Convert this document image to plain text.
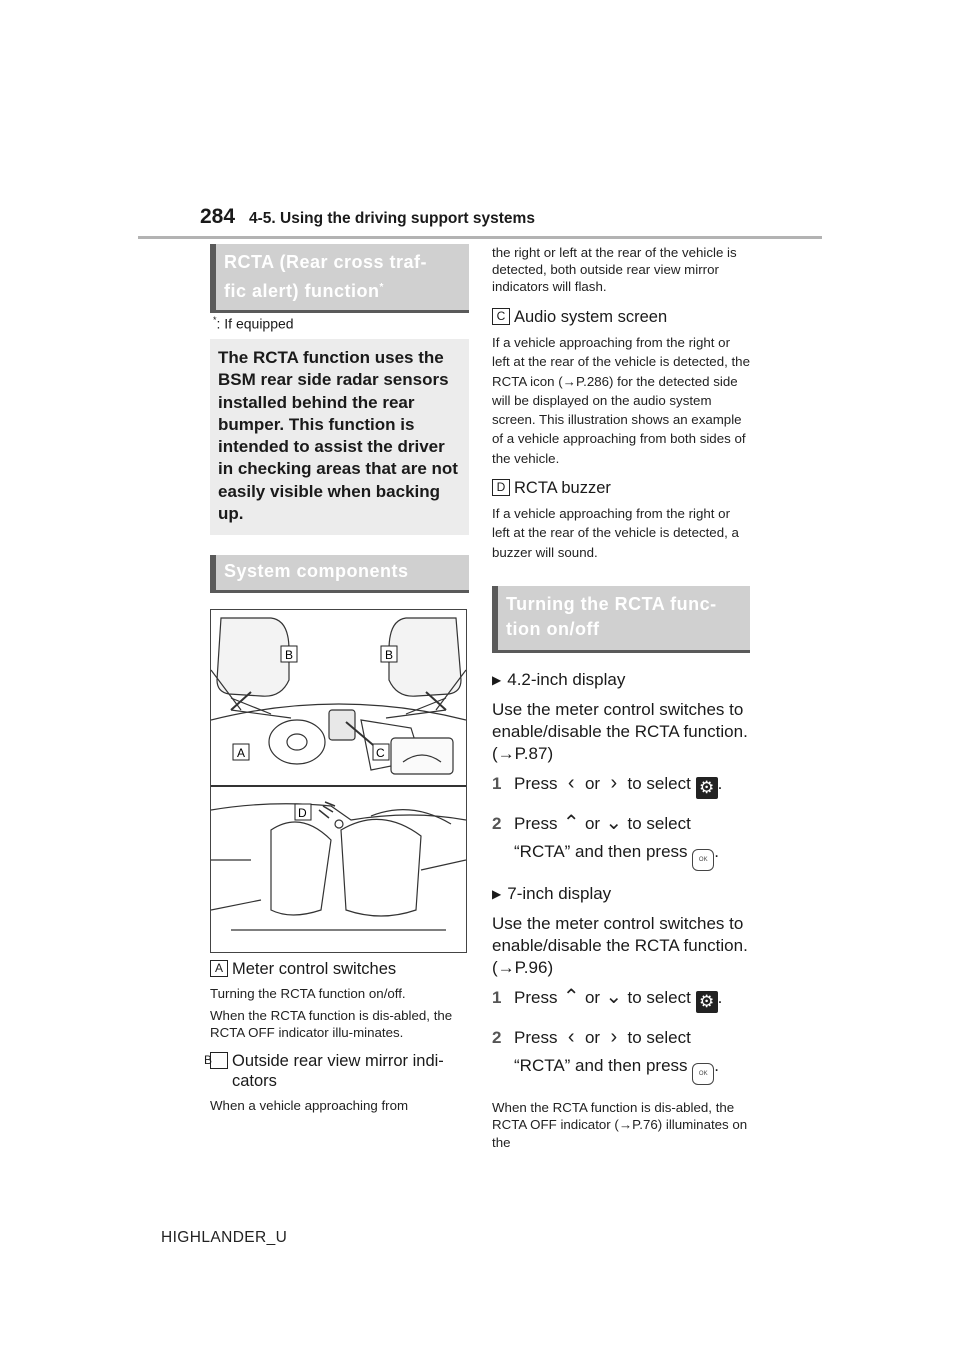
284 4-5. Using the driving support systems
RCTA (Rear cross traf-
fic alert) function*
*: If equipped
The RCTA function uses the BSM rear side radar sensors installed behind the rear bumper. This function is intended to assist the driver in checking areas that are not easily visible when backing up.
System components
B	B
A	C
D

A Meter control switches

Turning the RCTA function on/off.

When the RCTA function is dis-abled, the RCTA OFF indicator illu-minates.

B Outside rear view mirror indi-cators

When a vehicle approaching from

the right or left at the rear of the vehicle is detected, both outside rear view mirror indicators will flash.

C Audio system screen

If a vehicle approaching from the right or left at the rear of the vehicle is detected, the RCTA icon (→P.286) for the detected side will be displayed on the audio system screen. This illustration shows an example of a vehicle approaching from both sides of the vehicle.

D RCTA buzzer

If a vehicle approaching from the right or left at the rear of the vehicle is detected, a buzzer will sound.

Turning the RCTA func-
tion on/off
▶ 4.2-inch display

Use the meter control switches to enable/disable the RCTA function. (→P.87)

1 Press ‹ or › to select ⚙ .
2 Press ⌃ or ⌄ to select

“RCTA” and then press OK .
▶ 7-inch display

Use the meter control switches to enable/disable the RCTA function. (→P.96)

1 Press ⌃ or ⌄ to select ⚙ .
2 Press ‹ or › to select

“RCTA” and then press OK .

When the RCTA function is dis-abled, the RCTA OFF indicator (→P.76) illuminates on the

HIGHLANDER_U
